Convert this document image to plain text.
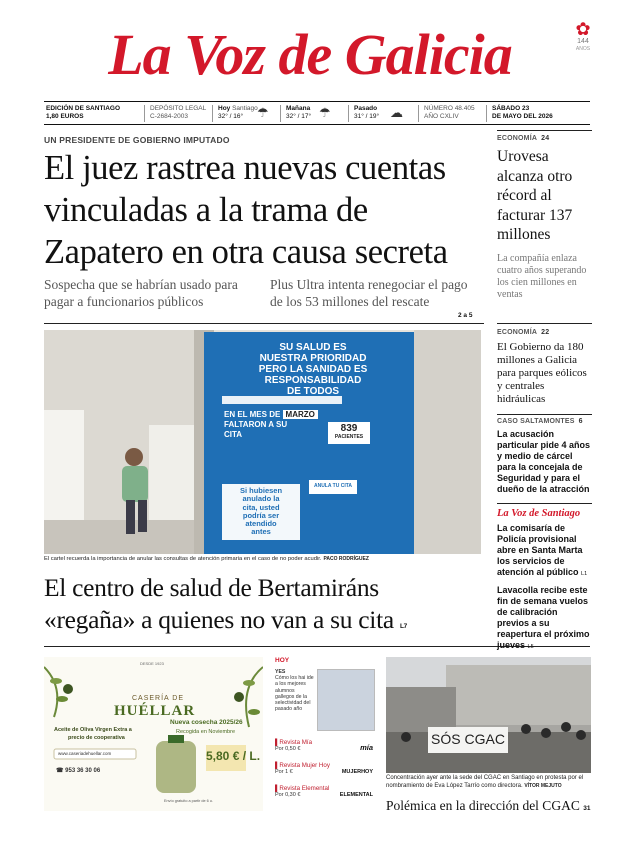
La Voz de Galicia	✿
144
ANOS
EDICIÓN DE SANTIAGO
1,80 EUROS
DEPÓSITO LEGAL
C-2684-2003
Hoy Santiago
32° / 16°	☂	Mañana
32° / 17° ☂	Pasado
31° / 19° ☁	NÚMERO 48.405
AÑO CXLIV
SÁBADO 23
DE MAYO DEL 2026
UN PRESIDENTE DE GOBIERNO IMPUTADO
El juez rastrea nuevas cuentas
vinculadas a la trama de
Zapatero en otra causa secreta
Sospecha que se habrían usado para pagar a funcionarios públicos
Plus Ultra intenta renegociar el pago de los 53 millones del rescate
2 a 5
SU SALUD ES
NUESTRA PRIORIDAD
PERO LA SANIDAD ES
RESPONSABILIDAD
DE TODOS
EN EL MES DE MARZO
FALTARON A SU
CITA
839
PACIENTES
ANULA TU CITA
Si hubiesen
anulado la
cita, usted
podría ser
atendido
antes
El cartel recuerda la importancia de anular las consultas de atención primaria en el caso de no poder acudir. PACO RODRÍGUEZ
El centro de salud de Bertamiráns
«regaña» a quienes no van a su cita L7
ECONOMÍA 24
Urovesa alcanza otro récord al facturar 137 millones
La compañía enlaza cuatro años superando los cien millones en ventas
ECONOMÍA 22
El Gobierno da 180 millones a Galicia para parques eólicos y centrales hidráulicas
CASO SALTAMONTES 6
La acusación particular pide 4 años y medio de cárcel para la concejala de Seguridad y para el dueño de la atracción
La Voz de Santiago
La comisaría de Policía provisional abre en Santa Marta los servicios de atención al público L1
Lavacolla recibe este fin de semana vuelos de calibración previos a su reapertura el próximo jueves L5
DESDE 1923
CASERÍA DE
HUÉLLAR
Aceite de Oliva Virgen Extra a
precio de cooperativa
Nueva cosecha 2025/26
Recogida en Noviembre
www.caseriadehuellar.com
☎ 953 36 30 06
5,80 € / L.
Envío gratuito a partir de 6 u.
HOY
YES
Cómo los hai ide a los mejores alumnos gallegos de la selectividad del pasado año
▌Revista Mía
Por 0,50 €	mía
▌Revista Mujer Hoy
Por 1 €	MUJERHOY
▌Revista Elemental
Por 0,30 €	ELEMENTAL
SÓS CGAC
Concentración ayer ante la sede del CGAC en Santiago en protesta por el nombramiento de Eva López Tarrío como directora. VÍTOR MEJUTO
Polémica en la dirección del CGAC 31
